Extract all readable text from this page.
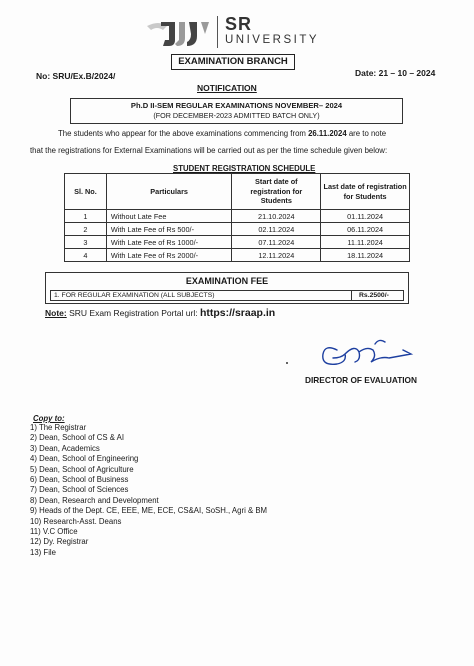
SR
UNIVERSITY
EXAMINATION BRANCH
No: SRU/Ex.B/2024/	Date: 21 – 10 – 2024
NOTIFICATION
Ph.D II-SEM REGULAR EXAMINATIONS NOVEMBER– 2024
(FOR DECEMBER-2023 ADMITTED BATCH ONLY)
The students who appear for the above examinations commencing from 26.11.2024 are to note
that the registrations for External Examinations will be carried out as per the time schedule given below:
STUDENT REGISTRATION SCHEDULE
Sl. No.	Particulars	Start date of registration for Students	Last date of registration for Students
1	Without Late Fee	21.10.2024	01.11.2024
2	With Late Fee of Rs 500/-	02.11.2024	06.11.2024
3	With Late Fee of Rs 1000/-	07.11.2024	11.11.2024
4	With Late Fee of Rs 2000/-	12.11.2024	18.11.2024
EXAMINATION FEE
1. FOR REGULAR EXAMINATION (ALL SUBJECTS)	Rs.2500/-
Note: SRU Exam Registration Portal url: https://sraap.in
DIRECTOR OF EVALUATION
Copy to:
1) The Registrar
2) Dean, School of CS & AI
3) Dean, Academics
4) Dean, School of Engineering
5) Dean, School of Agriculture
6) Dean, School of Business
7) Dean, School of Sciences
8) Dean, Research and Development
9) Heads of the Dept. CE, EEE, ME, ECE, CS&AI, SoSH., Agri & BM
10) Research-Asst. Deans
11) V.C Office
12) Dy. Registrar
13) File
